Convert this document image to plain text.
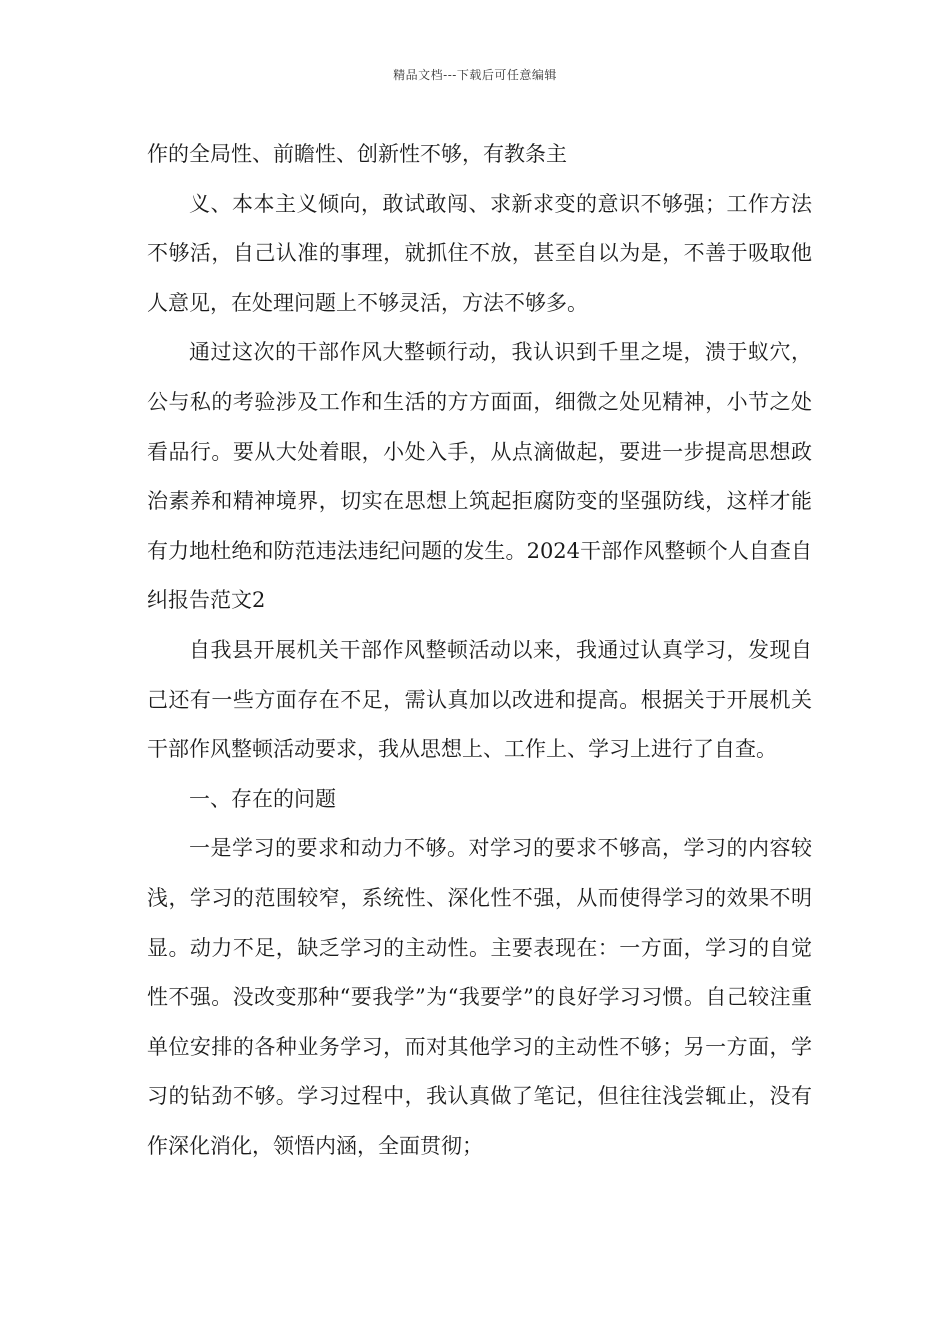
精品文档---下载后可任意编辑

作的全局性、前瞻性、创新性不够，有教条主

义、本本主义倾向，敢试敢闯、求新求变的意识不够强；工作方法不够活，自己认准的事理，就抓住不放，甚至自以为是，不善于吸取他人意见，在处理问题上不够灵活，方法不够多。

通过这次的干部作风大整顿行动，我认识到千里之堤，溃于蚁穴，公与私的考验涉及工作和生活的方方面面，细微之处见精神，小节之处看品行。要从大处着眼，小处入手，从点滴做起，要进一步提高思想政治素养和精神境界，切实在思想上筑起拒腐防变的坚强防线，这样才能有力地杜绝和防范违法违纪问题的发生。2024干部作风整顿个人自查自纠报告范文2

自我县开展机关干部作风整顿活动以来，我通过认真学习，发现自己还有一些方面存在不足，需认真加以改进和提高。根据关于开展机关干部作风整顿活动要求，我从思想上、工作上、学习上进行了自查。

一、存在的问题

一是学习的要求和动力不够。对学习的要求不够高，学习的内容较浅，学习的范围较窄，系统性、深化性不强，从而使得学习的效果不明显。动力不足，缺乏学习的主动性。主要表现在：一方面，学习的自觉性不强。没改变那种“要我学”为“我要学”的良好学习习惯。自己较注重单位安排的各种业务学习，而对其他学习的主动性不够；另一方面，学习的钻劲不够。学习过程中，我认真做了笔记，但往往浅尝辄止，没有作深化消化，领悟内涵，全面贯彻；
